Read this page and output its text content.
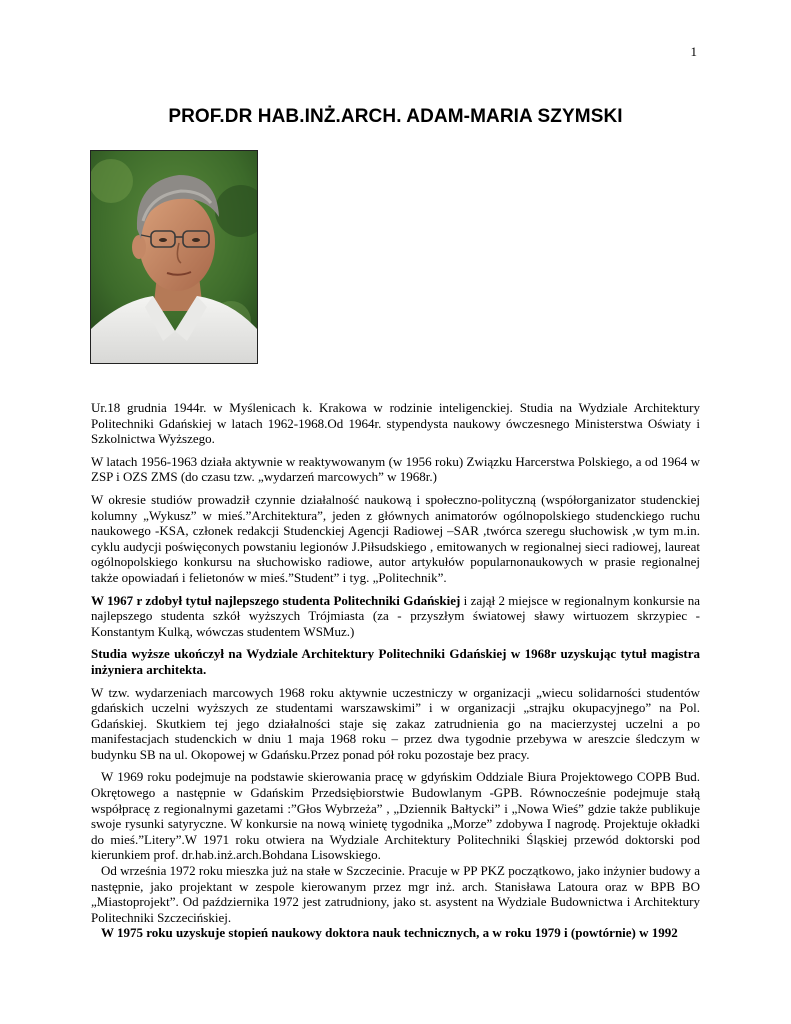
1
PROF.DR HAB.INŻ.ARCH. ADAM-MARIA SZYMSKI

Ur.18 grudnia 1944r. w Myślenicach k. Krakowa w rodzinie inteligenckiej. Studia na Wydziale Architektury Politechniki Gdańskiej w latach 1962-1968.Od 1964r. stypendysta naukowy ówczesnego Ministerstwa Oświaty i Szkolnictwa Wyższego.

W latach 1956-1963 działa aktywnie w reaktywowanym (w 1956 roku) Związku Harcerstwa Polskiego, a od 1964 w ZSP i OZS ZMS (do czasu tzw. „wydarzeń marcowych” w 1968r.)

W okresie studiów prowadził czynnie działalność naukową i społeczno-polityczną (współorganizator studenckiej kolumny „Wykusz” w mieś.”Architektura”, jeden z głównych animatorów ogólnopolskiego studenckiego ruchu naukowego -KSA, członek redakcji Studenckiej Agencji Radiowej –SAR ,twórca szeregu słuchowisk ,w tym m.in. cyklu audycji poświęconych powstaniu legionów J.Piłsudskiego , emitowanych w regionalnej sieci radiowej, laureat ogólnopolskiego konkursu na słuchowisko radiowe, autor artykułów popularnonaukowych w prasie regionalnej także opowiadań i felietonów w mieś.”Student” i tyg. „Politechnik”.

W 1967 r zdobył tytuł najlepszego studenta Politechniki Gdańskiej i zajął 2 miejsce w regionalnym konkursie na najlepszego studenta szkół wyższych Trójmiasta (za - przyszłym światowej sławy wirtuozem skrzypiec - Konstantym Kulką, wówczas studentem WSMuz.)

Studia wyższe ukończył na Wydziale Architektury Politechniki Gdańskiej w 1968r uzyskując tytuł magistra inżyniera architekta.

W tzw. wydarzeniach marcowych 1968 roku aktywnie uczestniczy w organizacji „wiecu solidarności studentów gdańskich uczelni wyższych ze studentami warszawskimi” i w organizacji „strajku okupacyjnego” na Pol. Gdańskiej. Skutkiem tej jego działalności staje się zakaz zatrudnienia go na macierzystej uczelni a po manifestacjach studenckich w dniu 1 maja 1968 roku – przez dwa tygodnie przebywa w areszcie śledczym w budynku SB na ul. Okopowej w Gdańsku.Przez ponad pół roku pozostaje bez pracy.

W 1969 roku podejmuje na podstawie skierowania pracę w gdyńskim Oddziale Biura Projektowego COPB Bud. Okrętowego a następnie w Gdańskim Przedsiębiorstwie Budowlanym -GPB. Równocześnie podejmuje stałą współpracę z regionalnymi gazetami :”Głos Wybrzeża” , „Dziennik Bałtycki” i „Nowa Wieś” gdzie także publikuje swoje rysunki satyryczne. W konkursie na nową winietę tygodnika „Morze” zdobywa I nagrodę. Projektuje okładki do mieś.”Litery”.W 1971 roku otwiera na Wydziale Architektury Politechniki Śląskiej przewód doktorski pod kierunkiem prof. dr.hab.inż.arch.Bohdana Lisowskiego.

Od września 1972 roku mieszka już na stałe w Szczecinie. Pracuje w PP PKZ początkowo, jako inżynier budowy a następnie, jako projektant w zespole kierowanym przez mgr inż. arch. Stanisława Latoura oraz w BPB BO „Miastoprojekt”. Od października 1972 jest zatrudniony, jako st. asystent na Wydziale Budownictwa i Architektury Politechniki Szczecińskiej.

W 1975 roku uzyskuje stopień naukowy doktora nauk technicznych, a w roku 1979 i (powtórnie) w 1992
